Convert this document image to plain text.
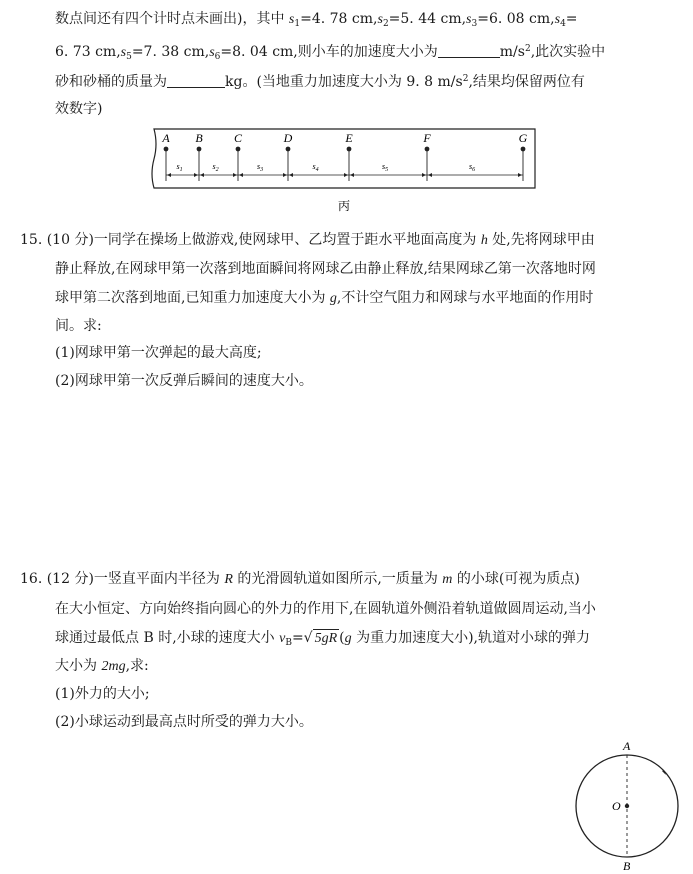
数点间还有四个计时点未画出)，其中 $s_1=4$. 78 $cm,s_2=5$. 44 $cm,s_3=6$. 08 $cm,s_4=$
6. 73 $cm,s_5=7$. 38 $cm,s_6=8$. 04 cm,则小车的加速度大小为	$m/s^2$,此次实验中
砂和砂桶的质量为	kg。(当地重力加速度大小为 9. 8 $m/s^2$,结果均保留两位有
效数字)
A B	C	D	E	F	G
$s_1$	$s_2$	$s_3$	$s_4$	$s_5$	$s_6$
丙
15. (10 分)一同学在操场上做游戏,使网球甲、乙均置于距水平地面高度为 h 处,先将网球甲由
静止释放,在网球甲第一次落到地面瞬间将网球乙由静止释放,结果网球乙第一次落地时网
球甲第二次落到地面,已知重力加速度大小为 g,不计空气阻力和网球与水平地面的作用时
间。求:
(1)网球甲第一次弹起的最大高度;
(2)网球甲第一次反弹后瞬间的速度大小。
16. (12 分)一竖直平面内半径为 R 的光滑圆轨道如图所示,一质量为 m 的小球(可视为质点)
在大小恒定、方向始终指向圆心的外力的作用下,在圆轨道外侧沿着轨道做圆周运动,当小
球通过最低点 B 时,小球的速度大小 $v_B=√$ 5gR (g 为重力加速度大小),轨道对小球的弹力
大小为 2mg,求:
(1)外力的大小;
(2)小球运动到最高点时所受的弹力大小。
A
O
B
